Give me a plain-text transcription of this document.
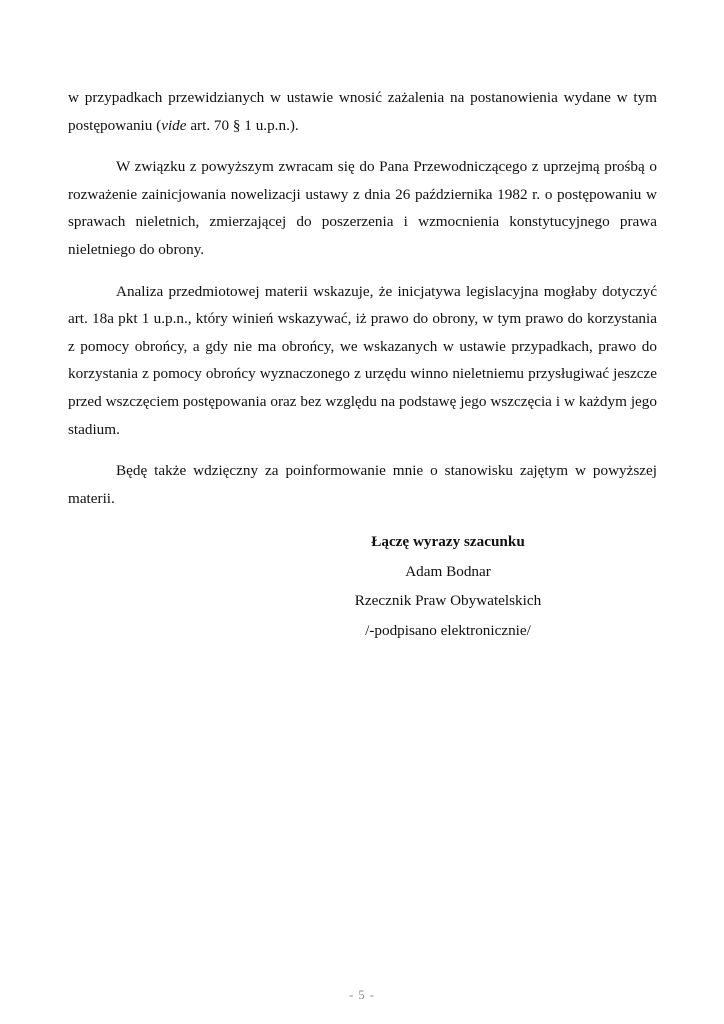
w przypadkach przewidzianych w ustawie wnosić zażalenia na postanowienia wydane w tym postępowaniu (vide art. 70 § 1 u.p.n.).

W związku z powyższym zwracam się do Pana Przewodniczącego z uprzejmą prośbą o rozważenie zainicjowania nowelizacji ustawy z dnia 26 października 1982 r. o postępowaniu w sprawach nieletnich, zmierzającej do poszerzenia i wzmocnienia konstytucyjnego prawa nieletniego do obrony.

Analiza przedmiotowej materii wskazuje, że inicjatywa legislacyjna mogłaby dotyczyć art. 18a pkt 1 u.p.n., który winień wskazywać, iż prawo do obrony, w tym prawo do korzystania z pomocy obrońcy, a gdy nie ma obrońcy, we wskazanych w ustawie przypadkach, prawo do korzystania z pomocy obrońcy wyznaczonego z urzędu winno nieletniemu przysługiwać jeszcze przed wszczęciem postępowania oraz bez względu na podstawę jego wszczęcia i w każdym jego stadium.

Będę także wdzięczny za poinformowanie mnie o stanowisku zajętym w powyższej materii.

Łączę wyrazy szacunku
Adam Bodnar
Rzecznik Praw Obywatelskich
/-podpisano elektronicznie/
- 5 -
